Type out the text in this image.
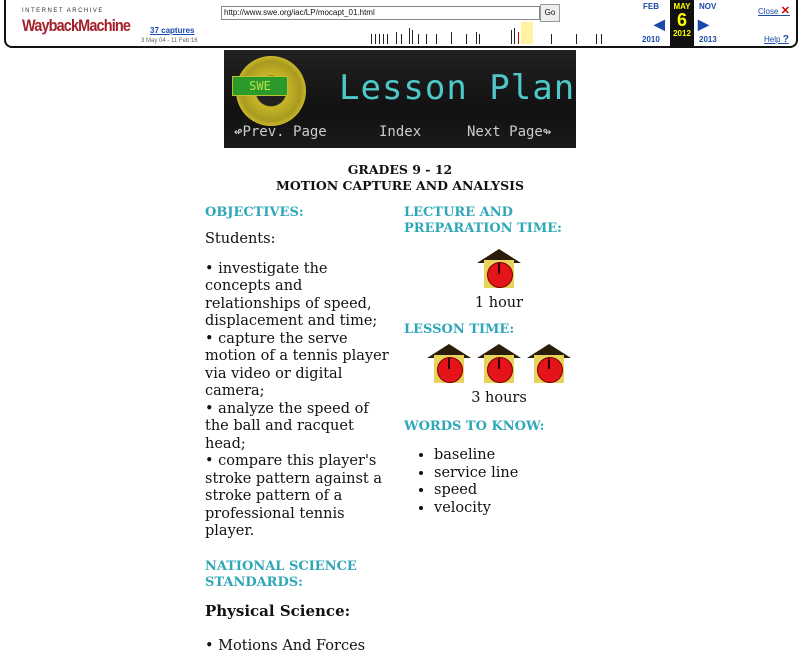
INTERNET ARCHIVE
WaybackMachine
http://www.swe.org/iac/LP/mocapt_01.html	Go
37 captures
3 May 04 - 11 Feb 16
FEB
◀
2010
MAY
6
2012
NOV
▶
2013
Close ✕
Help ?
SWE	Lesson Plan
↫Prev. Page	Index	Next Page↬
GRADES 9 - 12
MOTION CAPTURE AND ANALYSIS
OBJECTIVES:

Students:

• investigate the concepts and relationships of speed, displacement and time;

• capture the serve motion of a tennis player via video or digital camera;

• analyze the speed of the ball and racquet head;

• compare this player's stroke pattern against a stroke pattern of a professional tennis player.

NATIONAL SCIENCE STANDARDS:

Physical Science:

• Motions And Forces

LECTURE AND PREPARATION TIME:

1 hour

LESSON TIME:

3 hours

WORDS TO KNOW:
• baseline
• service line
• speed
• velocity
